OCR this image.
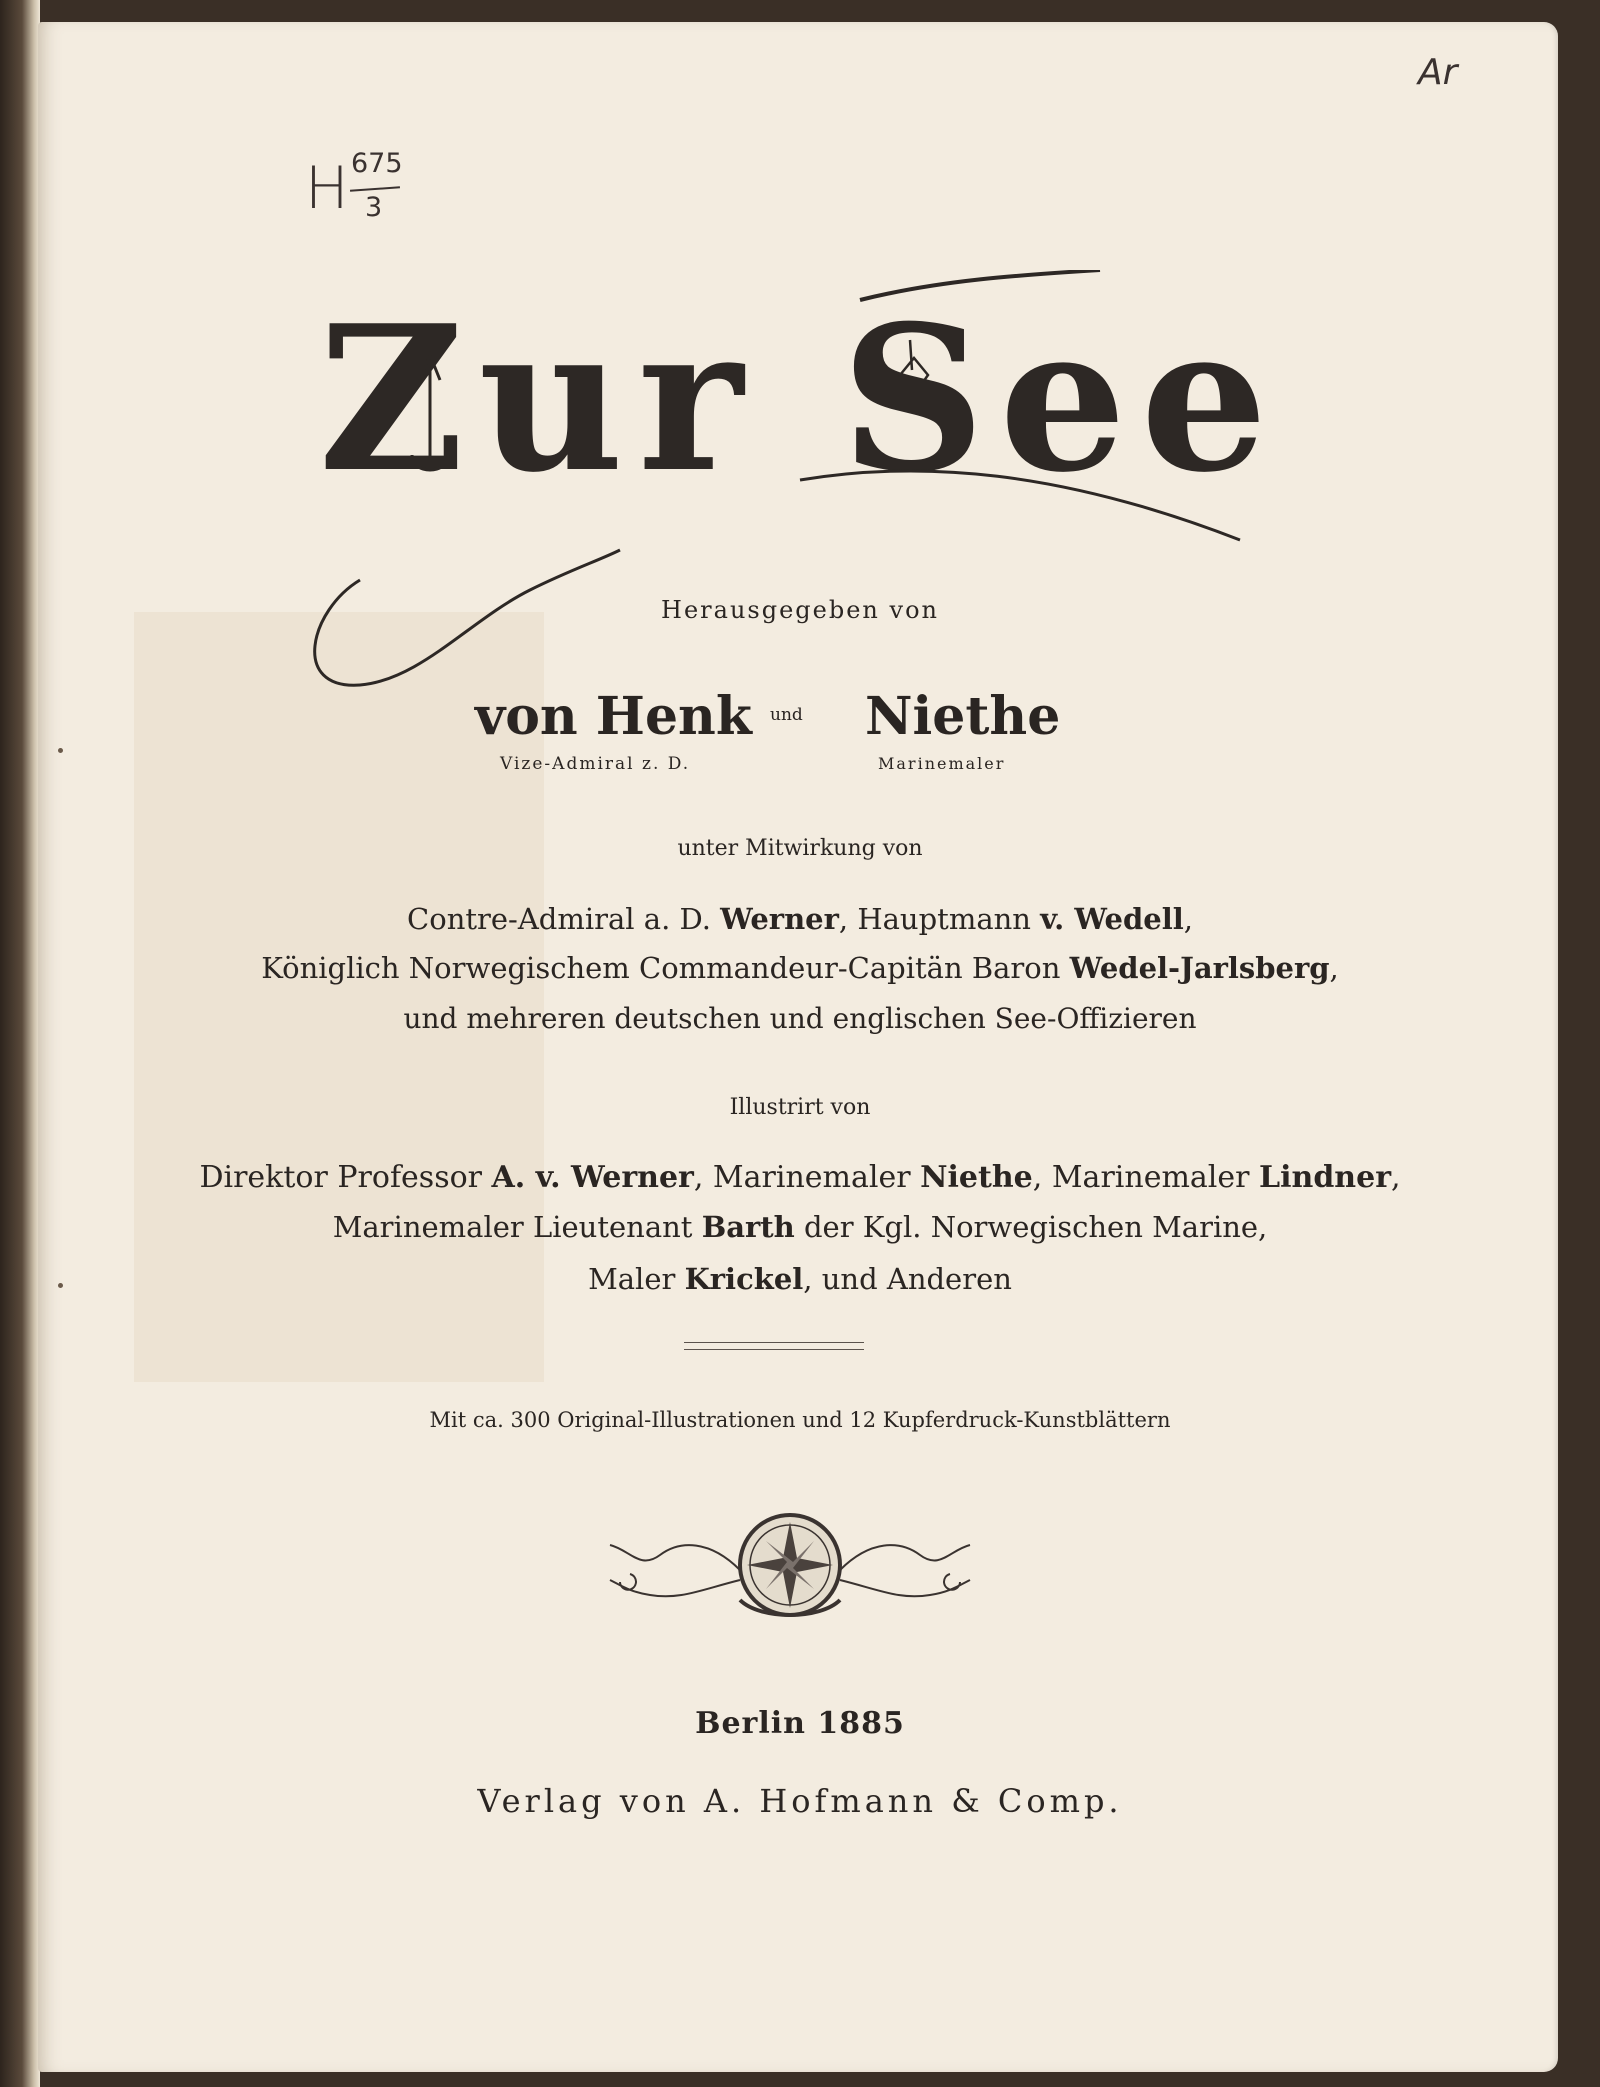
H 675
3
Ar
Zur See
Herausgegeben von
von Henk und Niethe
Vize-Admiral z. D.	Marinemaler
unter Mitwirkung von
Contre-Admiral a. D. Werner, Hauptmann v. Wedell,
Königlich Norwegischem Commandeur-Capitän Baron Wedel-Jarlsberg,
und mehreren deutschen und englischen See-Offizieren
Illustrirt von
Direktor Professor A. v. Werner, Marinemaler Niethe, Marinemaler Lindner,
Marinemaler Lieutenant Barth der Kgl. Norwegischen Marine,
Maler Krickel, und Anderen
Mit ca. 300 Original-Illustrationen und 12 Kupferdruck-Kunstblättern
Berlin 1885
Verlag von A. Hofmann & Comp.
